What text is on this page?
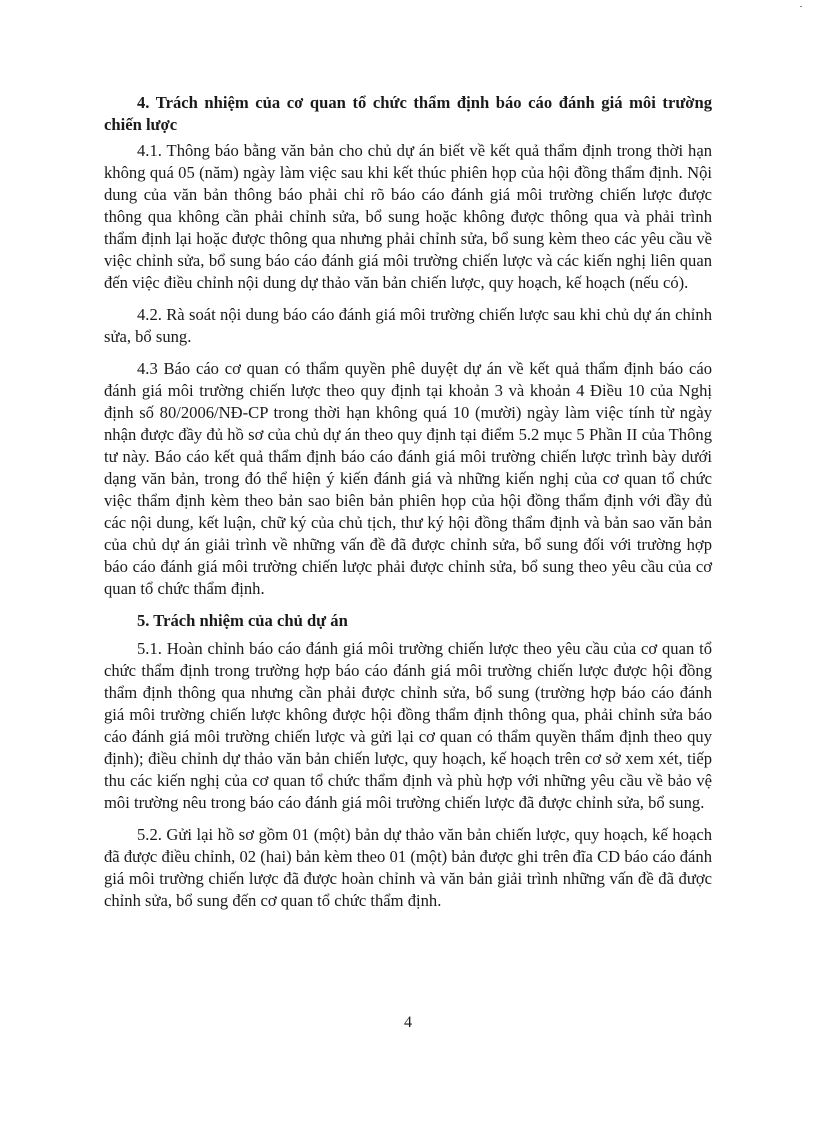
4. Trách nhiệm của cơ quan tổ chức thẩm định báo cáo đánh giá môi trường chiến lược

4.1. Thông báo bằng văn bản cho chủ dự án biết về kết quả thẩm định trong thời hạn không quá 05 (năm) ngày làm việc sau khi kết thúc phiên họp của hội đồng thẩm định. Nội dung của văn bản thông báo phải chỉ rõ báo cáo đánh giá môi trường chiến lược được thông qua không cần phải chỉnh sửa, bổ sung hoặc không được thông qua và phải trình thẩm định lại hoặc được thông qua nhưng phải chỉnh sửa, bổ sung kèm theo các yêu cầu về việc chỉnh sửa, bổ sung báo cáo đánh giá môi trường chiến lược và các kiến nghị liên quan đến việc điều chỉnh nội dung dự thảo văn bản chiến lược, quy hoạch, kế hoạch (nếu có).

4.2. Rà soát nội dung báo cáo đánh giá môi trường chiến lược sau khi chủ dự án chỉnh sửa, bổ sung.

4.3 Báo cáo cơ quan có thẩm quyền phê duyệt dự án về kết quả thẩm định báo cáo đánh giá môi trường chiến lược theo quy định tại khoản 3 và khoản 4 Điều 10 của Nghị định số 80/2006/NĐ-CP trong thời hạn không quá 10 (mười) ngày làm việc tính từ ngày nhận được đầy đủ hồ sơ của chủ dự án theo quy định tại điểm 5.2 mục 5 Phần II của Thông tư này. Báo cáo kết quả thẩm định báo cáo đánh giá môi trường chiến lược trình bày dưới dạng văn bản, trong đó thể hiện ý kiến đánh giá và những kiến nghị của cơ quan tổ chức việc thẩm định kèm theo bản sao biên bản phiên họp của hội đồng thẩm định với đầy đủ các nội dung, kết luận, chữ ký của chủ tịch, thư ký hội đồng thẩm định và bản sao văn bản của chủ dự án giải trình về những vấn đề đã được chỉnh sửa, bổ sung đối với trường hợp báo cáo đánh giá môi trường chiến lược phải được chỉnh sửa, bổ sung theo yêu cầu của cơ quan tổ chức thẩm định.

5. Trách nhiệm của chủ dự án

5.1. Hoàn chỉnh báo cáo đánh giá môi trường chiến lược theo yêu cầu của cơ quan tổ chức thẩm định trong trường hợp báo cáo đánh giá môi trường chiến lược được hội đồng thẩm định thông qua nhưng cần phải được chỉnh sửa, bổ sung (trường hợp báo cáo đánh giá môi trường chiến lược không được hội đồng thẩm định thông qua, phải chỉnh sửa báo cáo đánh giá môi trường chiến lược và gửi lại cơ quan có thẩm quyền thẩm định theo quy định); điều chỉnh dự thảo văn bản chiến lược, quy hoạch, kế hoạch trên cơ sở xem xét, tiếp thu các kiến nghị của cơ quan tổ chức thẩm định và phù hợp với những yêu cầu về bảo vệ môi trường nêu trong báo cáo đánh giá môi trường chiến lược đã được chỉnh sửa, bổ sung.

5.2. Gửi lại hồ sơ gồm 01 (một) bản dự thảo văn bản chiến lược, quy hoạch, kế hoạch đã được điều chỉnh, 02 (hai) bản kèm theo 01 (một) bản được ghi trên đĩa CD báo cáo đánh giá môi trường chiến lược đã được hoàn chỉnh và văn bản giải trình những vấn đề đã được chỉnh sửa, bổ sung đến cơ quan tổ chức thẩm định.

4
